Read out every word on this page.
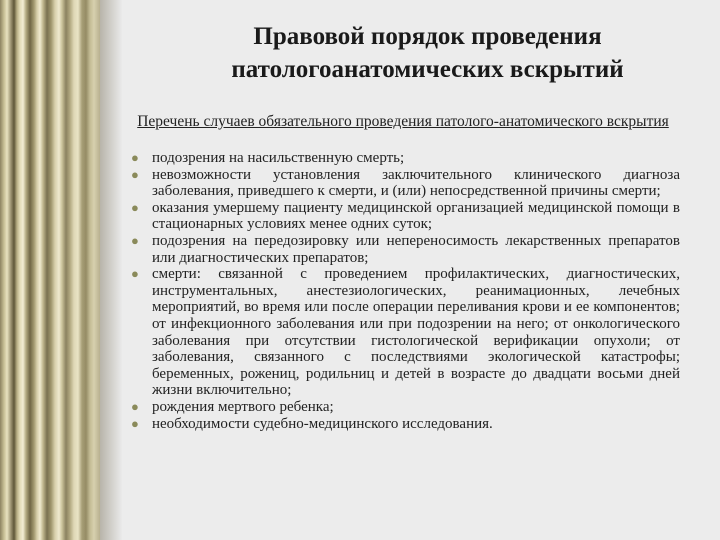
Правовой порядок проведения патологоанатомических вскрытий

Перечень случаев обязательного проведения патолого-анатомического вскрытия

● подозрения на насильственную смерть;
● невозможности установления заключительного клинического диагноза заболевания, приведшего к смерти, и (или) непосредственной причины смерти;
● оказания умершему пациенту медицинской организацией медицинской помощи в стационарных условиях менее одних суток;
● подозрения на передозировку или непереносимость лекарственных препаратов или диагностических препаратов;
● смерти: связанной с проведением профилактических, диагностических, инструментальных, анестезиологических, реанимационных, лечебных мероприятий, во время или после операции переливания крови и ее компонентов; от инфекционного заболевания или при подозрении на него; от онкологического заболевания при отсутствии гистологической верификации опухоли; от заболевания, связанного с последствиями экологической катастрофы; беременных, рожениц, родильниц и детей в возрасте до двадцати восьми дней жизни включительно;
● рождения мертвого ребенка;
● необходимости судебно-медицинского исследования.
